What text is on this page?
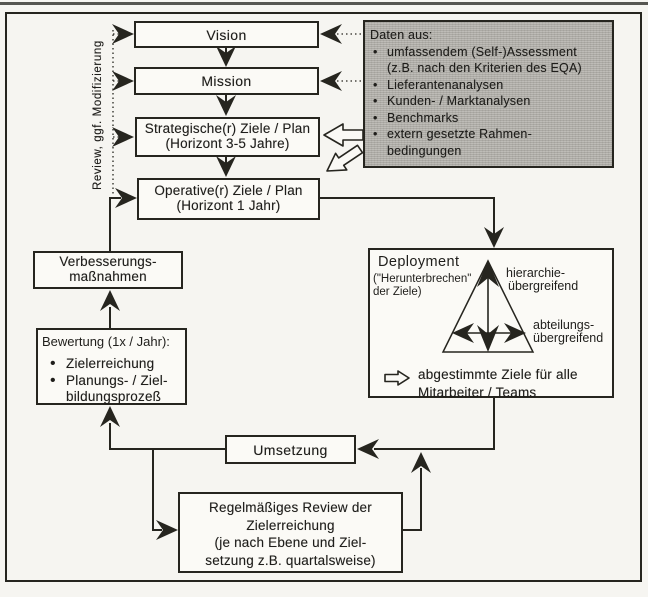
Review, ggf. Modifizierung
Vision
Mission
Strategische(r) Ziele / Plan
(Horizont 3-5 Jahre)
Operative(r) Ziele / Plan
(Horizont 1 Jahr)
Daten aus:
• umfassendem (Self-)Assessment
(z.B. nach den Kriterien des EQA)
• Lieferantenanalysen
• Kunden- / Marktanalysen
• Benchmarks
• extern gesetzte Rahmen-
bedingungen
Deployment
("Herunterbrechen"
der Ziele)
hierarchie-
übergreifend
abteilungs-
übergreifend
abgestimmte Ziele für alle
Mitarbeiter / Teams
Verbesserungs-
maßnahmen
Bewertung (1x / Jahr):
• Zielerreichung
• Planungs- / Ziel-
bildungsprozeß
Umsetzung
Regelmäßiges Review der
Zielerreichung
(je nach Ebene und Ziel-
setzung z.B. quartalsweise)
